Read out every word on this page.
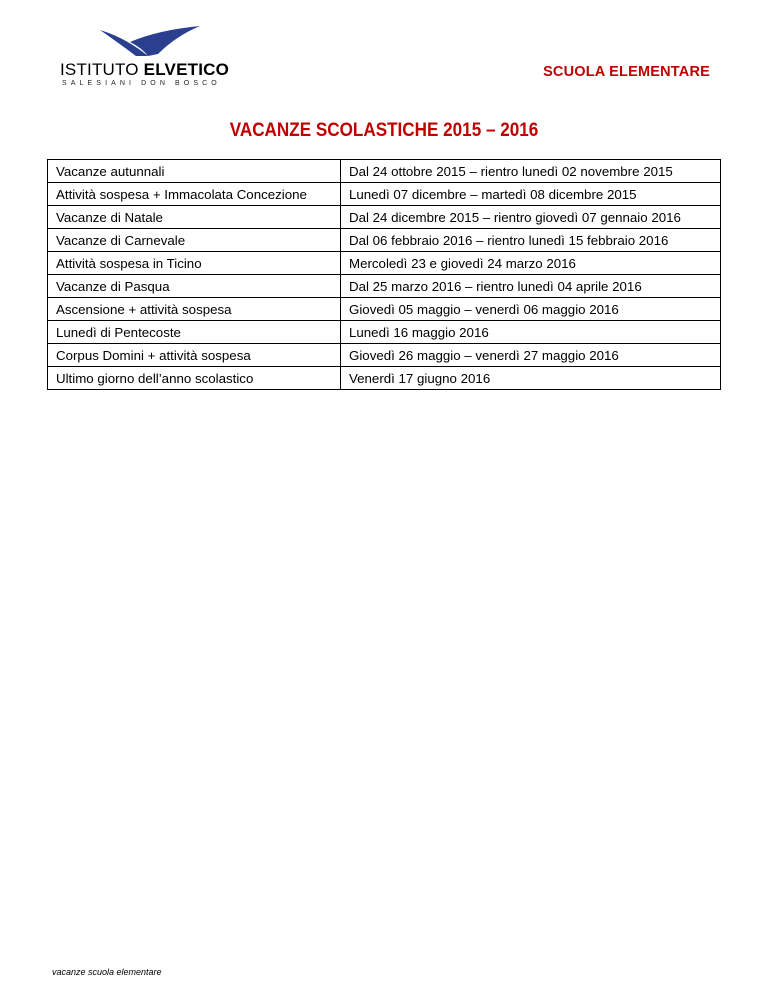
ISTITUTO ELVETICO
SALESIANI DON BOSCO
SCUOLA ELEMENTARE
VACANZE SCOLASTICHE 2015 – 2016
Vacanze autunnali	Dal 24 ottobre 2015 – rientro lunedì 02 novembre 2015
Attività sospesa + Immacolata Concezione	Lunedì 07 dicembre – martedì 08 dicembre 2015
Vacanze di Natale	Dal 24 dicembre 2015 – rientro giovedì 07 gennaio 2016
Vacanze di Carnevale	Dal 06 febbraio 2016 – rientro lunedì 15 febbraio 2016
Attività sospesa in Ticino	Mercoledì 23 e giovedì 24 marzo 2016
Vacanze di Pasqua	Dal 25 marzo 2016 – rientro lunedì 04 aprile 2016
Ascensione + attività sospesa	Giovedì 05 maggio – venerdì 06 maggio 2016
Lunedì di Pentecoste	Lunedì 16 maggio 2016
Corpus Domini + attività sospesa	Giovedì 26 maggio – venerdì 27 maggio 2016
Ultimo giorno dell’anno scolastico	Venerdì 17 giugno 2016
vacanze scuola elementare
